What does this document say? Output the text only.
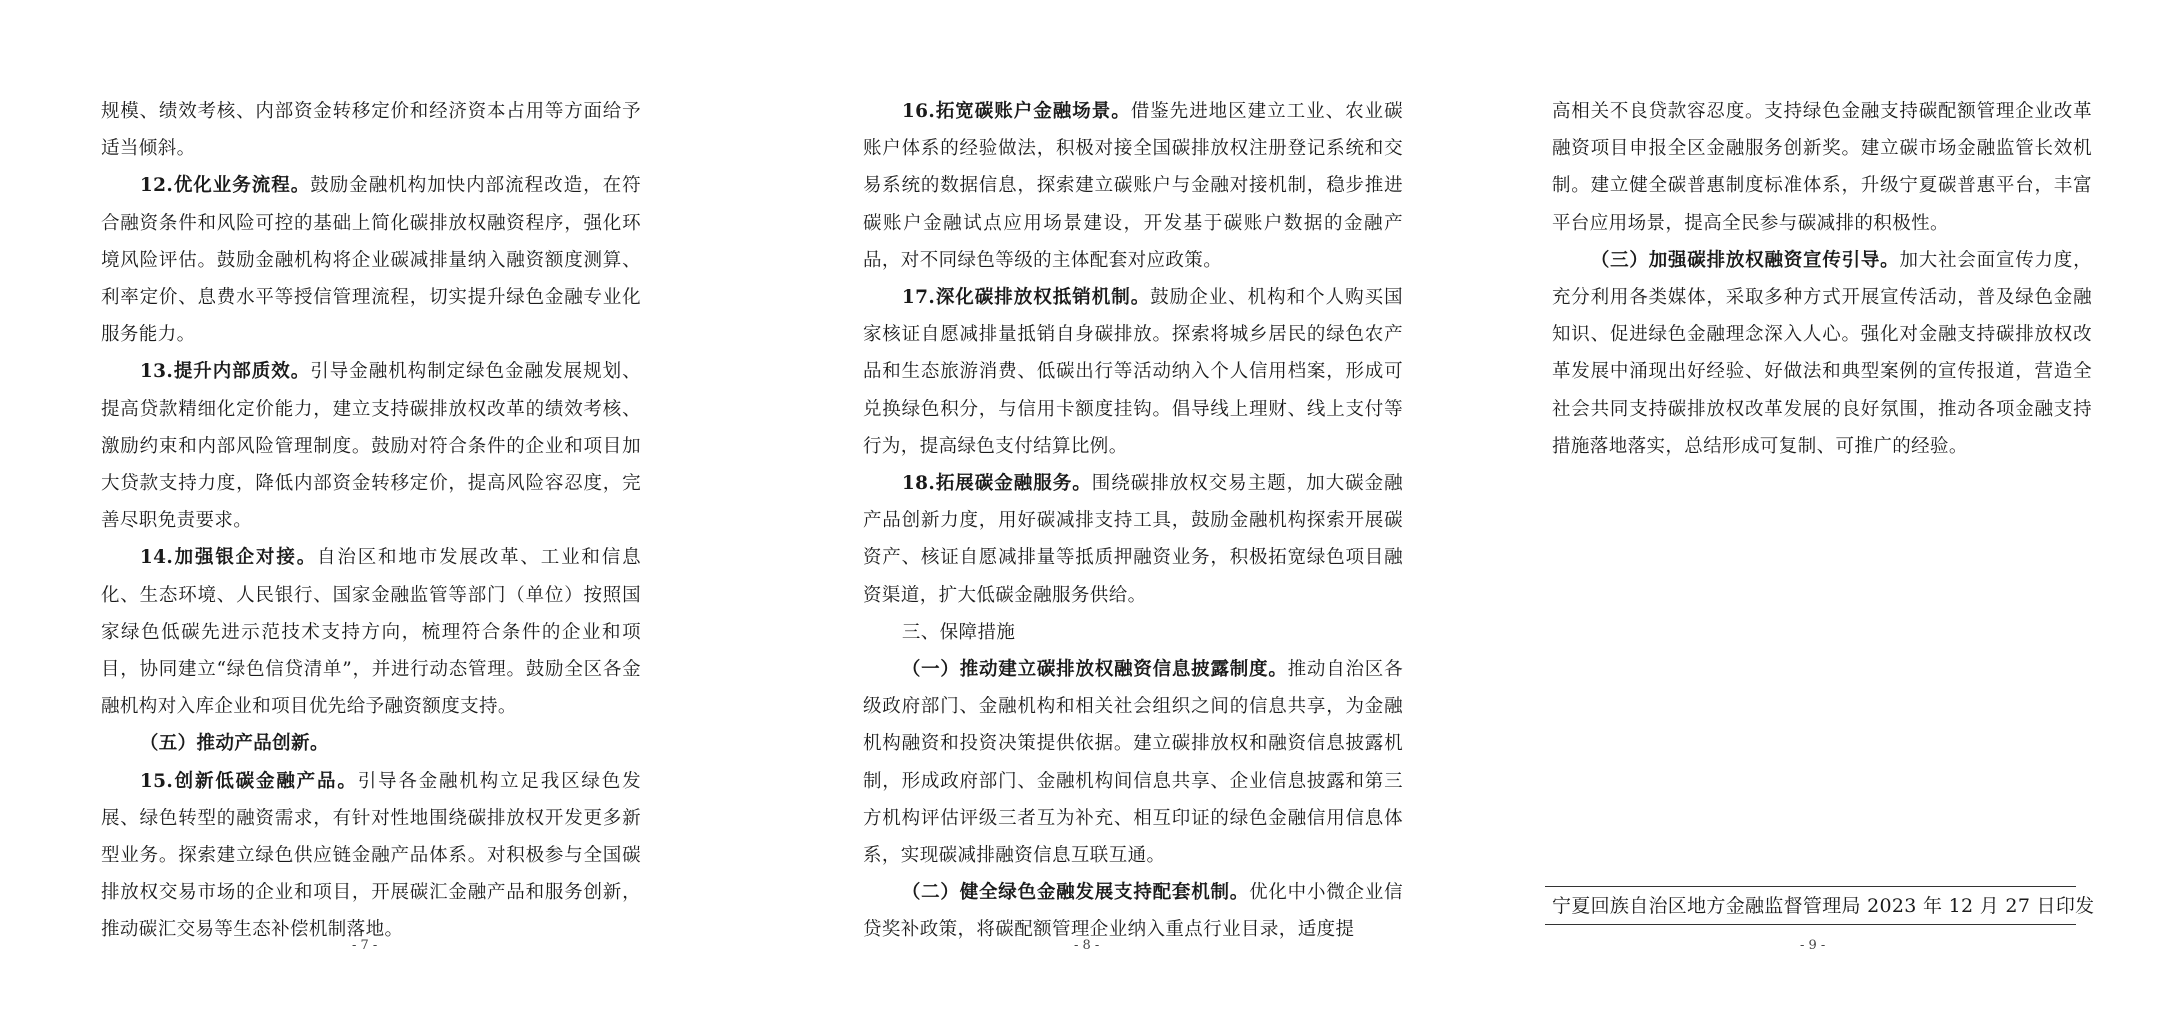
规模、绩效考核、内部资金转移定价和经济资本占用等方面给予适当倾斜。

12.优化业务流程。鼓励金融机构加快内部流程改造，在符合融资条件和风险可控的基础上简化碳排放权融资程序，强化环境风险评估。鼓励金融机构将企业碳减排量纳入融资额度测算、利率定价、息费水平等授信管理流程，切实提升绿色金融专业化服务能力。

13.提升内部质效。引导金融机构制定绿色金融发展规划、提高贷款精细化定价能力，建立支持碳排放权改革的绩效考核、激励约束和内部风险管理制度。鼓励对符合条件的企业和项目加大贷款支持力度，降低内部资金转移定价，提高风险容忍度，完善尽职免责要求。

14.加强银企对接。自治区和地市发展改革、工业和信息化、生态环境、人民银行、国家金融监管等部门（单位）按照国家绿色低碳先进示范技术支持方向，梳理符合条件的企业和项目，协同建立“绿色信贷清单”，并进行动态管理。鼓励全区各金融机构对入库企业和项目优先给予融资额度支持。

（五）推动产品创新。

15.创新低碳金融产品。引导各金融机构立足我区绿色发展、绿色转型的融资需求，有针对性地围绕碳排放权开发更多新型业务。探索建立绿色供应链金融产品体系。对积极参与全国碳排放权交易市场的企业和项目，开展碳汇金融产品和服务创新，推动碳汇交易等生态补偿机制落地。

16.拓宽碳账户金融场景。借鉴先进地区建立工业、农业碳账户体系的经验做法，积极对接全国碳排放权注册登记系统和交易系统的数据信息，探索建立碳账户与金融对接机制，稳步推进碳账户金融试点应用场景建设，开发基于碳账户数据的金融产品，对不同绿色等级的主体配套对应政策。

17.深化碳排放权抵销机制。鼓励企业、机构和个人购买国家核证自愿减排量抵销自身碳排放。探索将城乡居民的绿色农产品和生态旅游消费、低碳出行等活动纳入个人信用档案，形成可兑换绿色积分，与信用卡额度挂钩。倡导线上理财、线上支付等行为，提高绿色支付结算比例。

18.拓展碳金融服务。围绕碳排放权交易主题，加大碳金融产品创新力度，用好碳减排支持工具，鼓励金融机构探索开展碳资产、核证自愿减排量等抵质押融资业务，积极拓宽绿色项目融资渠道，扩大低碳金融服务供给。

三、保障措施

（一）推动建立碳排放权融资信息披露制度。推动自治区各级政府部门、金融机构和相关社会组织之间的信息共享，为金融机构融资和投资决策提供依据。建立碳排放权和融资信息披露机制，形成政府部门、金融机构间信息共享、企业信息披露和第三方机构评估评级三者互为补充、相互印证的绿色金融信用信息体系，实现碳减排融资信息互联互通。

（二）健全绿色金融发展支持配套机制。优化中小微企业信贷奖补政策，将碳配额管理企业纳入重点行业目录，适度提

高相关不良贷款容忍度。支持绿色金融支持碳配额管理企业改革融资项目申报全区金融服务创新奖。建立碳市场金融监管长效机制。建立健全碳普惠制度标准体系，升级宁夏碳普惠平台，丰富平台应用场景，提高全民参与碳减排的积极性。

（三）加强碳排放权融资宣传引导。加大社会面宣传力度，充分利用各类媒体，采取多种方式开展宣传活动，普及绿色金融知识、促进绿色金融理念深入人心。强化对金融支持碳排放权改革发展中涌现出好经验、好做法和典型案例的宣传报道，营造全社会共同支持碳排放权改革发展的良好氛围，推动各项金融支持措施落地落实，总结形成可复制、可推广的经验。

- 7 -	- 8 -	- 9 -
宁夏回族自治区地方金融监督管理局 2023 年 12 月 27 日印发
